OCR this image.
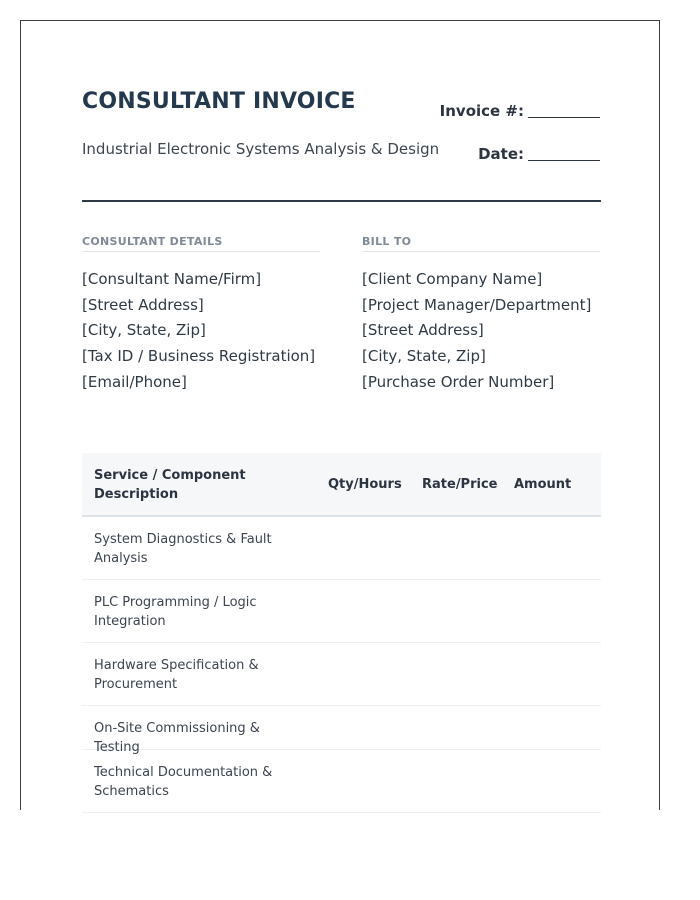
CONSULTANT INVOICE
Industrial Electronic Systems Analysis & Design
Invoice #:
Date:
CONSULTANT DETAILS
[Consultant Name/Firm]
[Street Address]
[City, State, Zip]
[Tax ID / Business Registration]
[Email/Phone]
BILL TO
[Client Company Name]
[Project Manager/Department]
[Street Address]
[City, State, Zip]
[Purchase Order Number]
Service / Component Description
Qty/Hours Rate/Price Amount
System Diagnostics & Fault Analysis
PLC Programming / Logic Integration
Hardware Specification & Procurement
On-Site Commissioning & Testing
Technical Documentation & Schematics
